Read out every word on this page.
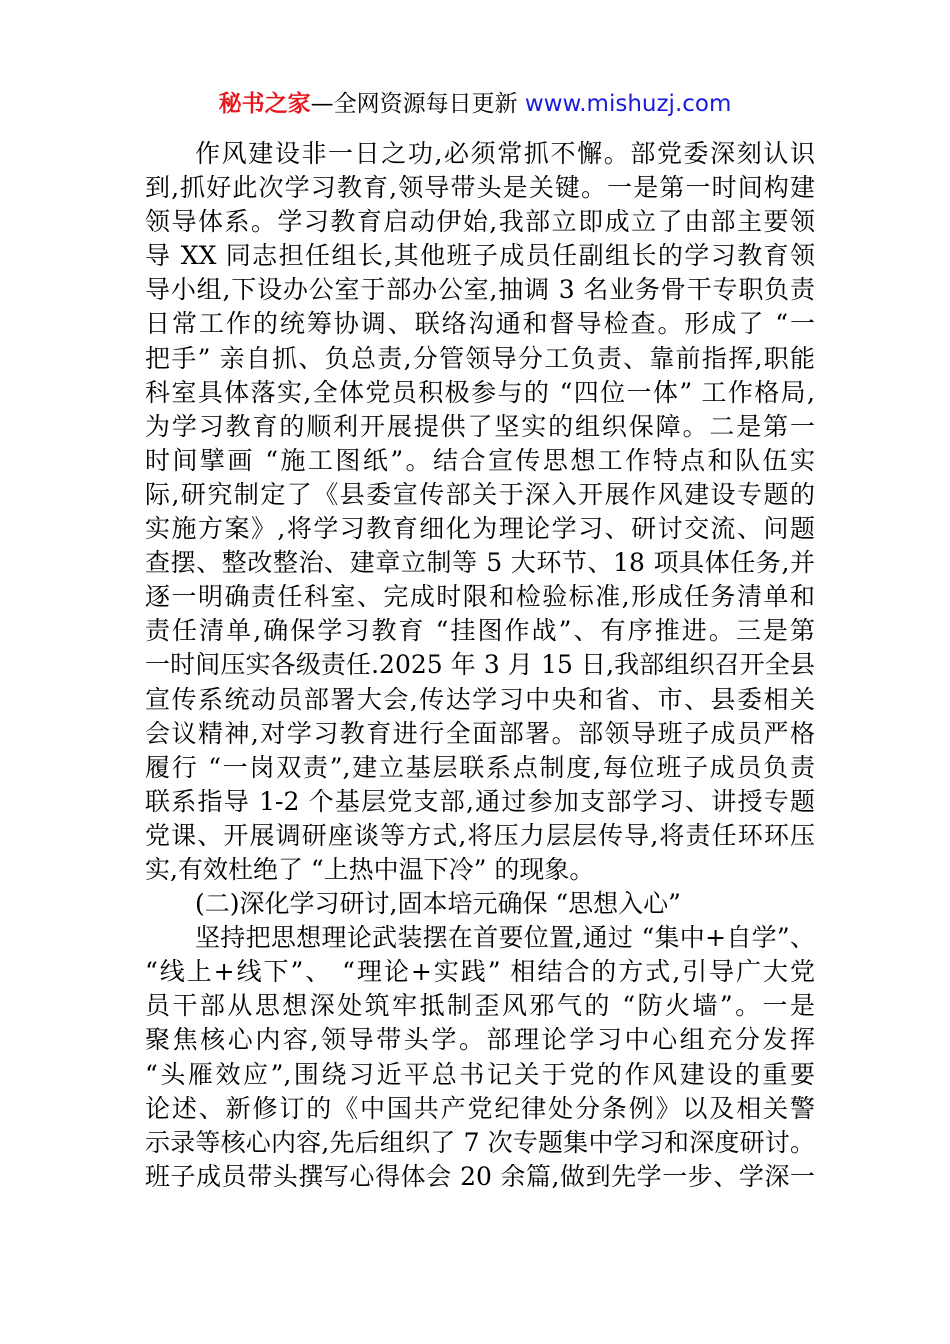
秘书之家—全网资源每日更新 www.mishuzj.com
作风建设非一日之功,必须常抓不懈。部党委深刻认识
到,抓好此次学习教育,领导带头是关键。一是第一时间构建
领导体系。学习教育启动伊始,我部立即成立了由部主要领
导 XX 同志担任组长,其他班子成员任副组长的学习教育领
导小组,下设办公室于部办公室,抽调 3 名业务骨干专职负责
日常工作的统筹协调、联络沟通和督导检查。形成了 “一
把手” 亲自抓、负总责,分管领导分工负责、靠前指挥,职能
科室具体落实,全体党员积极参与的 “四位一体” 工作格局,
为学习教育的顺利开展提供了坚实的组织保障。二是第一
时间擘画 “施工图纸”。结合宣传思想工作特点和队伍实
际,研究制定了《县委宣传部关于深入开展作风建设专题的
实施方案》,将学习教育细化为理论学习、研讨交流、问题
查摆、整改整治、建章立制等 5 大环节、18 项具体任务,并
逐一明确责任科室、完成时限和检验标准,形成任务清单和
责任清单,确保学习教育 “挂图作战”、有序推进。三是第
一时间压实各级责任.2025 年 3 月 15 日,我部组织召开全县
宣传系统动员部署大会,传达学习中央和省、市、县委相关
会议精神,对学习教育进行全面部署。部领导班子成员严格
履行 “一岗双责”,建立基层联系点制度,每位班子成员负责
联系指导 1-2 个基层党支部,通过参加支部学习、讲授专题
党课、开展调研座谈等方式,将压力层层传导,将责任环环压
实,有效杜绝了 “上热中温下冷” 的现象。
(二)深化学习研讨,固本培元确保 “思想入心”
坚持把思想理论武装摆在首要位置,通过 “集中+自学”、
“线上+线下”、 “理论+实践” 相结合的方式,引导广大党
员干部从思想深处筑牢抵制歪风邪气的 “防火墙”。一是
聚焦核心内容,领导带头学。部理论学习中心组充分发挥
“头雁效应”,围绕习近平总书记关于党的作风建设的重要
论述、新修订的《中国共产党纪律处分条例》以及相关警
示录等核心内容,先后组织了 7 次专题集中学习和深度研讨。
班子成员带头撰写心得体会 20 余篇,做到先学一步、学深一
